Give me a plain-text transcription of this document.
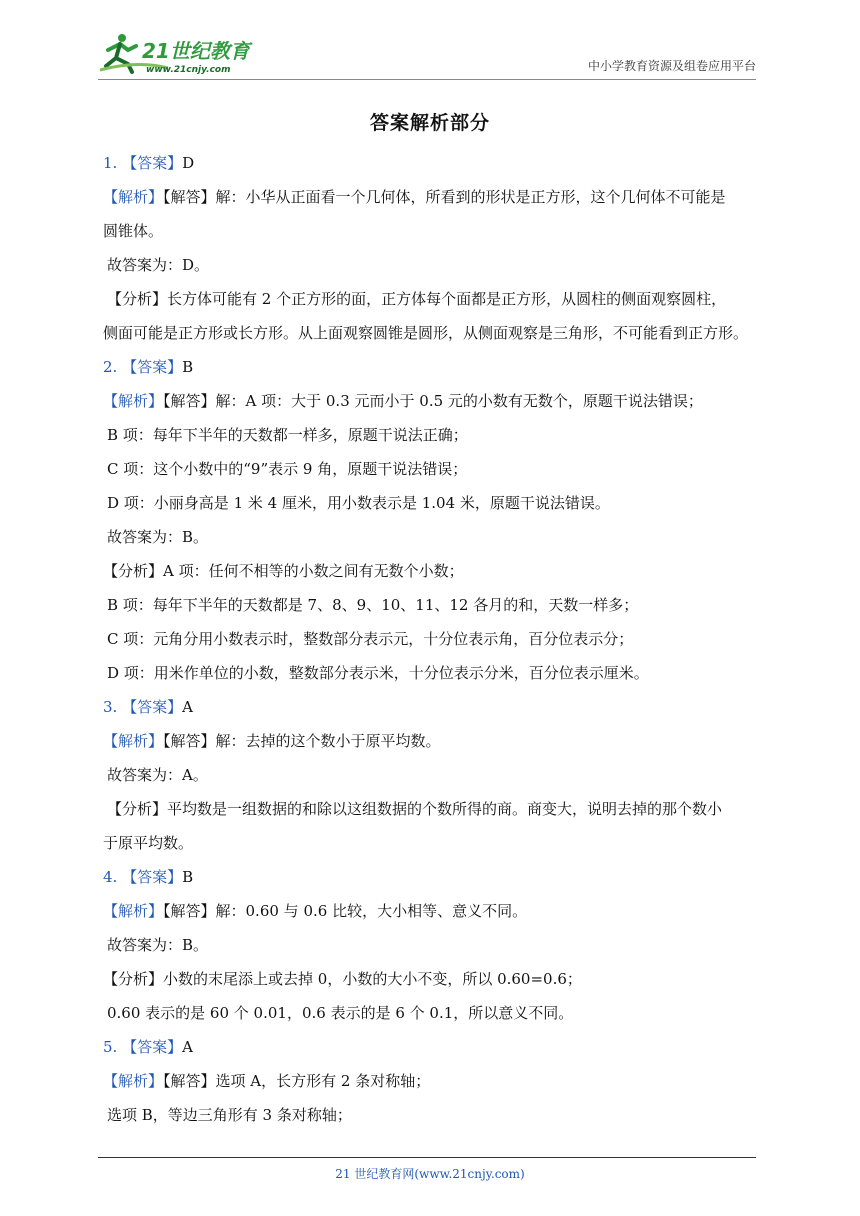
21世纪教育
www.21cnjy.com	中小学教育资源及组卷应用平台
答案解析部分
1. 【答案】D
【解析】【解答】解：小华从正面看一个几何体，所看到的形状是正方形，这个几何体不可能是
圆锥体。
故答案为：D。
【分析】长方体可能有 2 个正方形的面，正方体每个面都是正方形，从圆柱的侧面观察圆柱，
侧面可能是正方形或长方形。从上面观察圆锥是圆形，从侧面观察是三角形，不可能看到正方形。
2. 【答案】B
【解析】【解答】解：A 项：大于 0.3 元而小于 0.5 元的小数有无数个，原题干说法错误；
B 项：每年下半年的天数都一样多，原题干说法正确；
C 项：这个小数中的“9”表示 9 角，原题干说法错误；
D 项：小丽身高是 1 米 4 厘米，用小数表示是 1.04 米，原题干说法错误。
故答案为：B。
【分析】A 项：任何不相等的小数之间有无数个小数；
B 项：每年下半年的天数都是 7、8、9、10、11、12 各月的和，天数一样多；
C 项：元角分用小数表示时，整数部分表示元，十分位表示角，百分位表示分；
D 项：用米作单位的小数，整数部分表示米，十分位表示分米，百分位表示厘米。
3. 【答案】A
【解析】【解答】解：去掉的这个数小于原平均数。
故答案为：A。
【分析】平均数是一组数据的和除以这组数据的个数所得的商。商变大，说明去掉的那个数小
于原平均数。
4. 【答案】B
【解析】【解答】解：0.60 与 0.6 比较，大小相等、意义不同。
故答案为：B。
【分析】小数的末尾添上或去掉 0，小数的大小不变，所以 0.60=0.6；
0.60 表示的是 60 个 0.01，0.6 表示的是 6 个 0.1，所以意义不同。
5. 【答案】A
【解析】【解答】选项 A，长方形有 2 条对称轴；
选项 B，等边三角形有 3 条对称轴；
21 世纪教育网(www.21cnjy.com)
